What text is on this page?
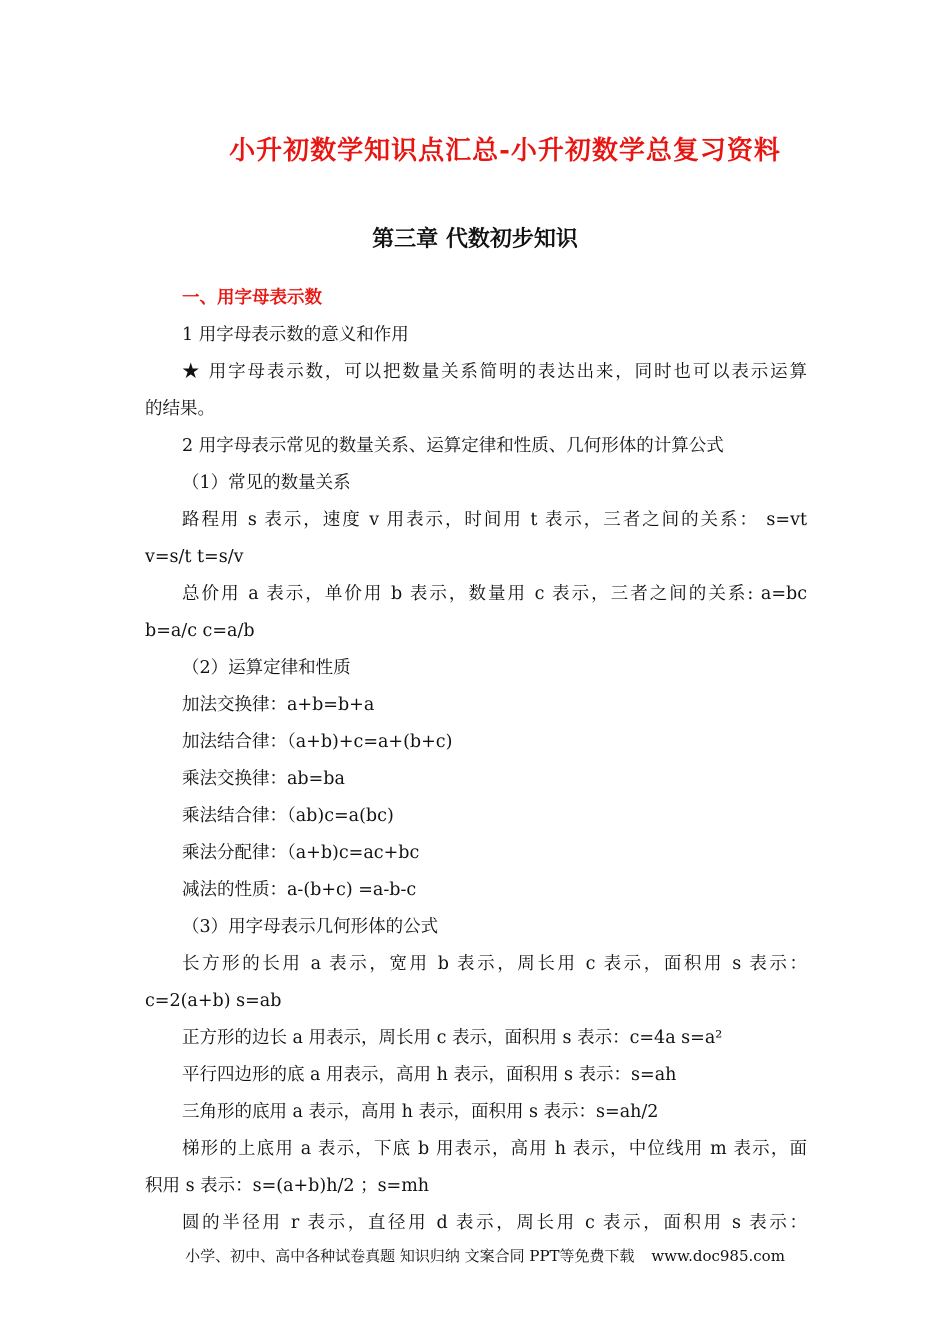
小升初数学知识点汇总-小升初数学总复习资料
第三章 代数初步知识
一、用字母表示数
1 用字母表示数的意义和作用
★ 用字母表示数，可以把数量关系简明的表达出来，同时也可以表示运算
的结果。
2 用字母表示常见的数量关系、运算定律和性质、几何形体的计算公式
（1）常见的数量关系
路程用 s 表示，速度 v 用表示，时间用 t 表示，三者之间的关系： s=vt
v=s/t t=s/v
总价用 a 表示，单价用 b 表示，数量用 c 表示，三者之间的关系: a=bc
b=a/c c=a/b
（2）运算定律和性质
加法交换律：a+b=b+a
加法结合律：（a+b)+c=a+(b+c)
乘法交换律：ab=ba
乘法结合律：（ab)c=a(bc)
乘法分配律：（a+b)c=ac+bc
减法的性质：a-(b+c) =a-b-c
（3）用字母表示几何形体的公式
长方形的长用 a 表示，宽用 b 表示，周长用 c 表示，面积用 s 表示：
c=2(a+b) s=ab
正方形的边长 a 用表示，周长用 c 表示，面积用 s 表示：c=4a s=a²
平行四边形的底 a 用表示，高用 h 表示，面积用 s 表示：s=ah
三角形的底用 a 表示，高用 h 表示，面积用 s 表示：s=ah/2
梯形的上底用 a 表示，下底 b 用表示，高用 h 表示，中位线用 m 表示，面
积用 s 表示：s=(a+b)h/2 ；s=mh
圆的半径用 r 表示，直径用 d 表示，周长用 c 表示，面积用 s 表示：
小学、初中、高中各种试卷真题 知识归纳 文案合同 PPT等免费下载 www.doc985.com
